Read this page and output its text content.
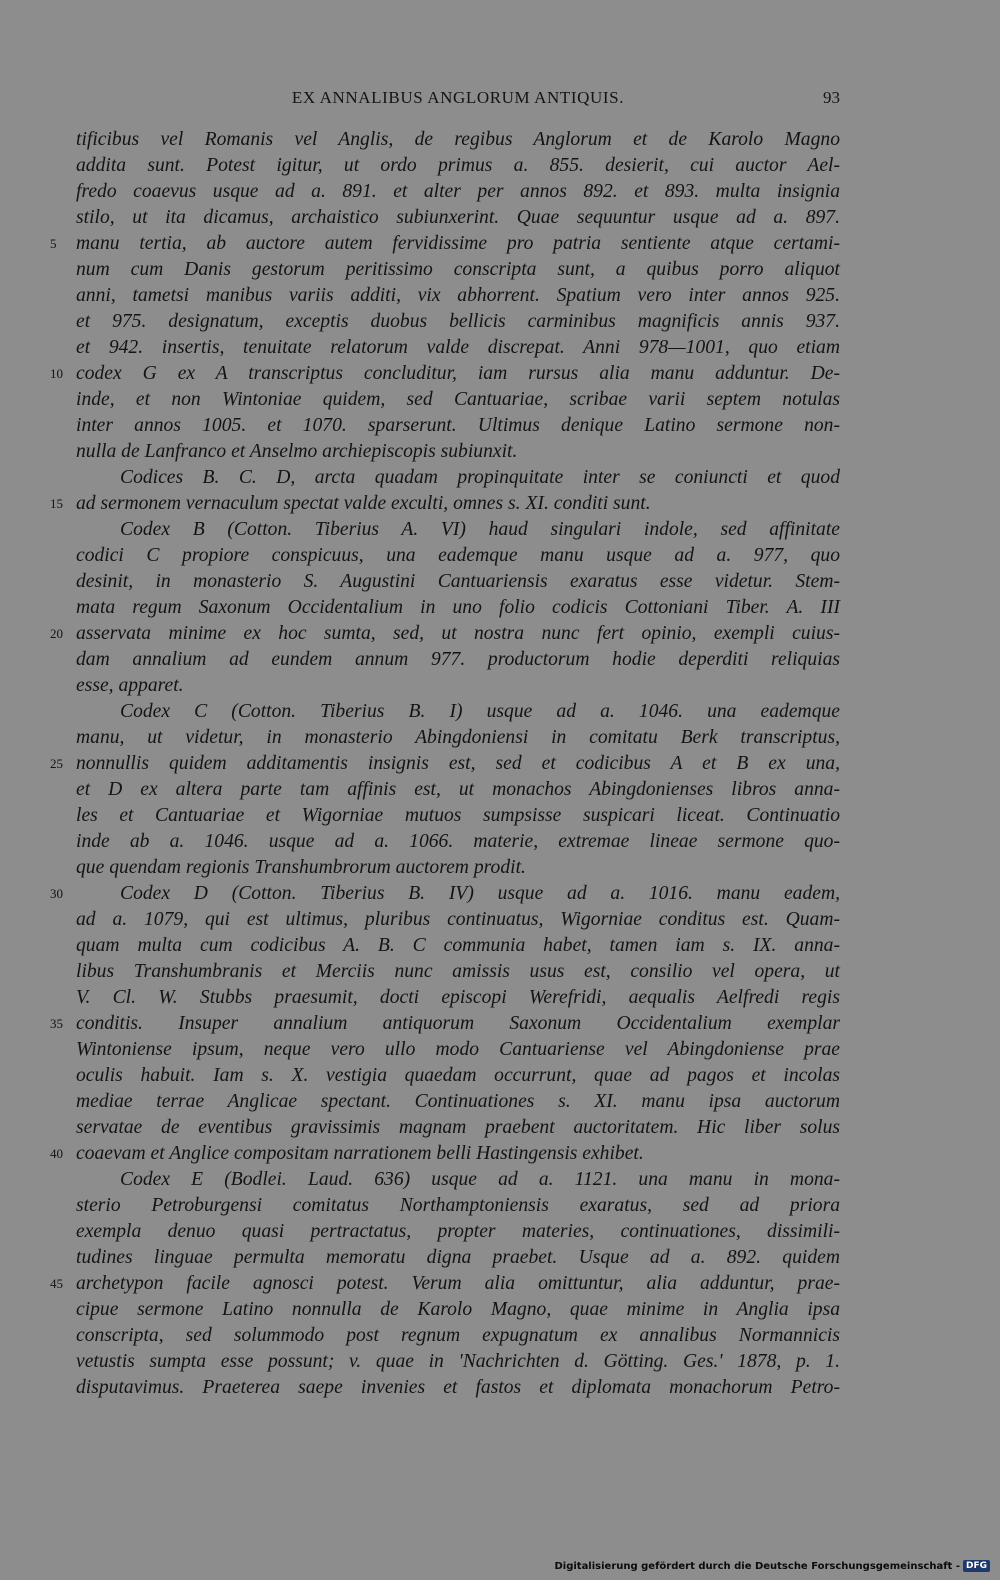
EX ANNALIBUS ANGLORUM ANTIQUIS.	93
tificibus vel Romanis vel Anglis, de regibus Anglorum et de Karolo Magno
addita sunt. Potest igitur, ut ordo primus a. 855. desierit, cui auctor Ael-
fredo coaevus usque ad a. 891. et alter per annos 892. et 893. multa insignia
stilo, ut ita dicamus, archaistico subiunxerint. Quae sequuntur usque ad a. 897.
5 manu tertia, ab auctore autem fervidissime pro patria sentiente atque certami-
num cum Danis gestorum peritissimo conscripta sunt, a quibus porro aliquot
anni, tametsi manibus variis additi, vix abhorrent. Spatium vero inter annos 925.
et 975. designatum, exceptis duobus bellicis carminibus magnificis annis 937.
et 942. insertis, tenuitate relatorum valde discrepat. Anni 978—1001, quo etiam
10 codex G ex A transcriptus concluditur, iam rursus alia manu adduntur. De-
inde, et non Wintoniae quidem, sed Cantuariae, scribae varii septem notulas
inter annos 1005. et 1070. sparserunt. Ultimus denique Latino sermone non-
nulla de Lanfranco et Anselmo archiepiscopis subiunxit.
Codices B. C. D, arcta quadam propinquitate inter se coniuncti et quod
15 ad sermonem vernaculum spectat valde exculti, omnes s. XI. conditi sunt.
Codex B (Cotton. Tiberius A. VI) haud singulari indole, sed affinitate
codici C propiore conspicuus, una eademque manu usque ad a. 977, quo
desinit, in monasterio S. Augustini Cantuariensis exaratus esse videtur. Stem-
mata regum Saxonum Occidentalium in uno folio codicis Cottoniani Tiber. A. III
20 asservata minime ex hoc sumta, sed, ut nostra nunc fert opinio, exempli cuius-
dam annalium ad eundem annum 977. productorum hodie deperditi reliquias
esse, apparet.
Codex C (Cotton. Tiberius B. I) usque ad a. 1046. una eademque
manu, ut videtur, in monasterio Abingdoniensi in comitatu Berk transcriptus,
25 nonnullis quidem additamentis insignis est, sed et codicibus A et B ex una,
et D ex altera parte tam affinis est, ut monachos Abingdonienses libros anna-
les et Cantuariae et Wigorniae mutuos sumpsisse suspicari liceat. Continuatio
inde ab a. 1046. usque ad a. 1066. materie, extremae lineae sermone quo-
que quendam regionis Transhumbrorum auctorem prodit.
30	Codex D (Cotton. Tiberius B. IV) usque ad a. 1016. manu eadem,
ad a. 1079, qui est ultimus, pluribus continuatus, Wigorniae conditus est. Quam-
quam multa cum codicibus A. B. C communia habet, tamen iam s. IX. anna-
libus Transhumbranis et Merciis nunc amissis usus est, consilio vel opera, ut
V. Cl. W. Stubbs praesumit, docti episcopi Werefridi, aequalis Aelfredi regis
35 conditis. Insuper annalium antiquorum Saxonum Occidentalium exemplar
Wintoniense ipsum, neque vero ullo modo Cantuariense vel Abingdoniense prae
oculis habuit. Iam s. X. vestigia quaedam occurrunt, quae ad pagos et incolas
mediae terrae Anglicae spectant. Continuationes s. XI. manu ipsa auctorum
servatae de eventibus gravissimis magnam praebent auctoritatem. Hic liber solus
40 coaevam et Anglice compositam narrationem belli Hastingensis exhibet.
Codex E (Bodlei. Laud. 636) usque ad a. 1121. una manu in mona-
sterio Petroburgensi comitatus Northamptoniensis exaratus, sed ad priora
exempla denuo quasi pertractatus, propter materies, continuationes, dissimili-
tudines linguae permulta memoratu digna praebet. Usque ad a. 892. quidem
45 archetypon facile agnosci potest. Verum alia omittuntur, alia adduntur, prae-
cipue sermone Latino nonnulla de Karolo Magno, quae minime in Anglia ipsa
conscripta, sed solummodo post regnum expugnatum ex annalibus Normannicis
vetustis sumpta esse possunt; v. quae in 'Nachrichten d. Götting. Ges.' 1878, p. 1.
disputavimus. Praeterea saepe invenies et fastos et diplomata monachorum Petro-
Digitalisierung gefördert durch die Deutsche Forschungsgemeinschaft - DFG
